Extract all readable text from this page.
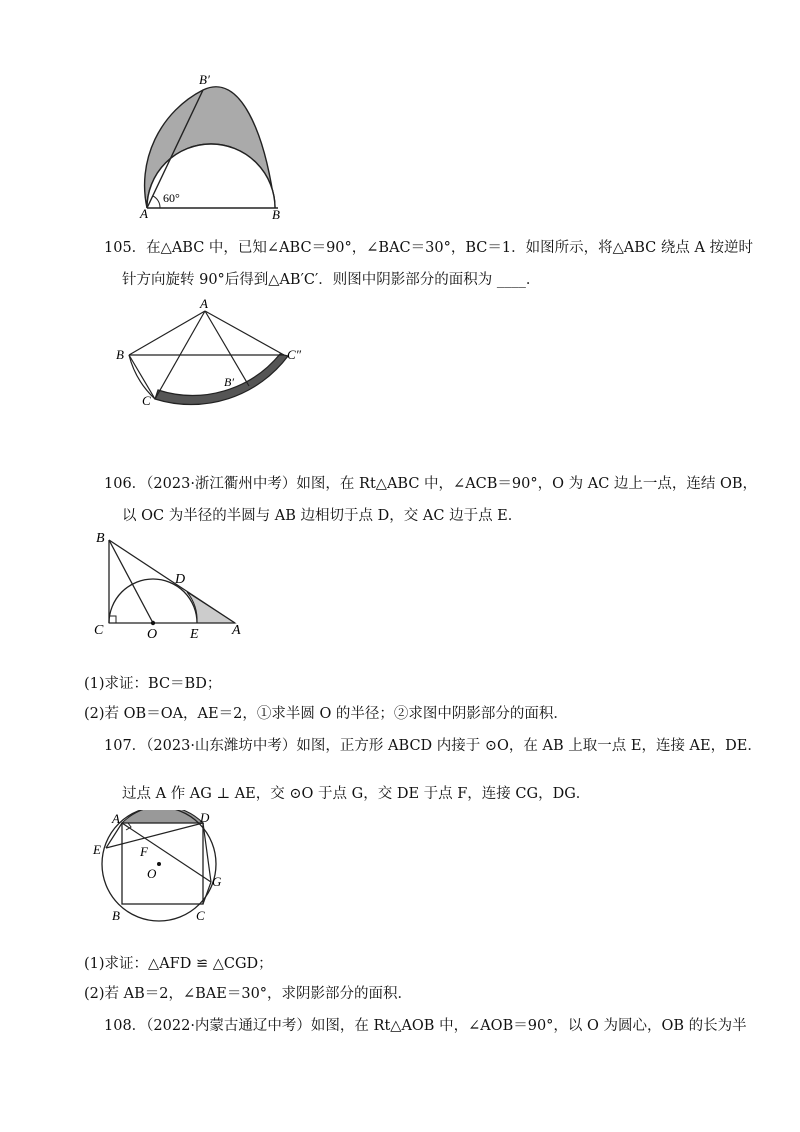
B′
A	B
60°
105．在△ABC 中，已知∠ABC＝90°，∠BAC＝30°，BC＝1．如图所示，将△ABC 绕点 A 按逆时
针方向旋转 90°后得到△AB′C′．则图中阴影部分的面积为 ____．
A
B
C
B′
C″
106．（2023·浙江衢州中考）如图，在 Rt△ABC 中，∠ACB＝90°，O 为 AC 边上一点，连结 OB，
以 OC 为半径的半圆与 AB 边相切于点 D，交 AC 边于点 E．
B
D
C	O E A
(1)求证：BC＝BD；
(2)若 OB＝OA，AE＝2，①求半圆 O 的半径；②求图中阴影部分的面积．
107．（2023·山东潍坊中考）如图，正方形 ABCD 内接于 ⊙O，在 AB 上取一点 E，连接 AE，DE．
过点 A 作 AG ⊥ AE，交 ⊙O 于点 G，交 DE 于点 F，连接 CG，DG．
A	D
E	F
O
G
B	C
(1)求证：△AFD ≌ △CGD；
(2)若 AB＝2，∠BAE＝30°，求阴影部分的面积．
108．（2022·内蒙古通辽中考）如图，在 Rt△AOB 中，∠AOB＝90°，以 O 为圆心，OB 的长为半
